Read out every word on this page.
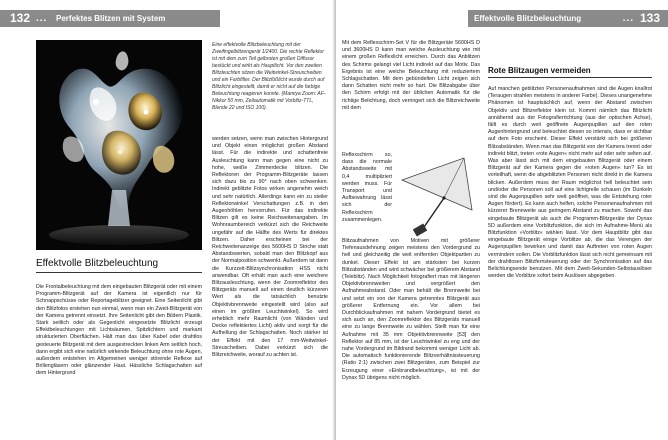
132 ... Perfektes Blitzen mit System
Eine effektvolle Blitzbeleuchtung mit der Zweifingelblitzengerät 1/2400. Die rechte Reflektor ist mit dem zum Teil gelbroten großen Diffusor bestückt und wirkt als Hauptlicht. Vor den zweiten Blitzleuchten sitzen die Weitwinkel-Streuscheiben und ein Farbfilter. Der Blitzfüßlicht wurde durch auf Blitzlicht eingestellt, damit er nicht auf die farbige Beleuchtung reagieren konnte. (Mamiya Zoom: AF-Nikkor 50 mm, Zeitautomatik mit Vorblitz-TTL, Blende 22 und ISO 100).
werden setzen, wenn man zwischen Hintergrund und Objekt einen möglichst großen Abstand lässt. Für die indirekte und schattenfreie Ausleuchtung kann man gegen eine nicht zu hohe, weiße Zimmerdecke blitzen. Die Reflektoren der Programm-Blitzgeräte lassen sich dazu bis zu 90° nach oben schwenken. Indirekt geblitzte Fotos wirken angenehm weich und sehr natürlich. Allerdings kann ein zu steiler Reflektorwinkel Verschattungen z.B. in den Augenhöhlen hervorrufen. Für das indirekte Blitzen gilt es keine Reichweitenangaben. Im Wohnraumbereich verkürzt sich die Reichweite ungefähr auf die Hälfte des Werts für direktes Blitzen. Daher erscheinen bei der Reichweitenanzeige des 5600HS D Striche statt Abstandswerten, sobald man den Blitzkopf aus der Normalposition schwenkt. Außerdem ist dann die Kurzzeit-Blitzsynchronisation HSS nicht anwendbar. Oft erhält man auch eine weichere Blitzausleuchtung, wenn der Zoomreflektor des Blitzgeräts manuell auf einen deutlich kürzeren Wert als die tatsächlich benutzte Objektivbrennweite eingestellt wird (also auf einen im größten Leuchtwinkel). So wird erheblich mehr Raumlicht (von Wänden und Decke reflektiertes Licht) aktiv und sorgt für die Aufhellung der Schlagschatten. Noch stärker ist der Effekt mit den 17 mm-Weitwinkel-Streuscheiben. Dabei verkürzt sich die Blitzreichweite, worauf zu achten ist.
Effektvolle Blitzbeleuchtung
Die Frontalbeleuchtung mit dem eingebauten Blitzgerät oder mit einem Programm-Blitzgerät auf der Kamera ist eigentlich nur für Schnappschüsse oder Reportageblitzer geeignet. Eine Seitenlicht gibt den Blitzfotos erstehen nun einmal, wenn man ein Zweit-Blitzgerät von der Kamera getrennt einsetzt. Ihre Seitenlicht gibt den Bildern Plastik. Stark seitlich oder als Gegenlicht eingesetzte Blitzlicht erzeugt Effektbeleuchtungen mit Lichtsäumen, Spitzlichtern und markant strukturierten Oberflächen. Hält man das über Kabel oder drahtlos gesteuerte Blitzgerät mit dem ausgestreckten linken Arm seitlich hoch, dann ergibt sich eine natürlich wirkende Beleuchtung ohne rote Augen, außerdem entstehen im Allgemeinen weniger störende Reflexe auf Brillengläsern oder glänzender Haut. Hässliche Schlagschatten auf dem Hintergrund
Effektvolle Blitzbeleuchtung	... 133
Mit dem Reflexschirm-Set V für die Blitzgeräte 5600HS D und 3600HS D kann man weiche Ausleuchtung wie mit einem großen Reflexlicht erreichen. Durch das Anblitzen des Schirms gelangt viel Licht indirekt auf das Motiv. Das Ergebnis ist eine weiche Beleuchtung mit reduziertem Schlagschatten. Mit dem gebündelten Licht zeigen sich dann Schatten nicht mehr so hart. Die Blitzabgabe über den Schirm erfolgt mit der üblichen Automatik für die richtige Belichtung, doch verringert sich die Blitzreichweite mit dem
Reflexschirm so, dass die normale Abstandsweite mit 0,4 multipliziert werden muss. Für Transport und Aufbewahrung lässt sich der Reflexschirm zusammenlegen.
Blitzaufnahmen von Motiven mit größerer Tiefenausdehnung zeigen meistens den Vordergrund zu hell und gleichzeitig die weit entfernten Objektpartien zu dunkel. Dieser Effekt ist am stärksten bei kurzen Blitzabständen und wird schwächer bei größerem Abstand (Teleblitz). Nach Möglichkeit fotografiert man mit längeren Objektivbrennweiten und vergrößert den Aufnahmeabstand. Oder man behält die Brennweite bei und setzt ein von der Kamera getrenntes Blitzgerät aus größerer Entfernung ein. Vor allem bei Durchblickaufnahmen mit nahem Vordergrund bietet es sich auch an, den Zoomreflektor des Blitzgeräts manuell eine zu lange Brennweite zu wählen. Stellt man für eine Aufnahme mit 35 mm Objektivbrennweite [53] den Reflektor auf 85 mm, ist der Leuchtwinkel zu eng und der nahe Vordergrund im Bildrand bekommt weniger Licht ab. Die automatisch funktionierende Blitzverhältnissteuerung (Ratio 2:1) zwischen zwei Blitzgeräten, zum Beispiel zur Erzeugung einer »Einbrandbeleuchtung«, ist mit der Dynax 5D übrigens nicht möglich.
Rote Blitzaugen vermeiden
Auf manchen geblitzten Personenaufnahmen sind die Augen knallrot (Teraugen strahlen meistens in anderer Farbe). Dieses unangenehme Phänomen ist hauptsächlich auf, wenn der Abstand zwischen Objektiv und Blitzreflektor klein ist. Kommt nämlich das Blitzlicht annähernd aus der Fotografierrichtung (aus der optischen Achse), fällt es durch weit geöffnete Augenpupillen auf den roten Augenhintergrund und beleuchtet diesen so intensiv, dass er sichtbar auf dem Foto erscheint. Dieser Effekt verstärkt sich bei größeren Blitzabständen. Wenn man das Blitzgerät von der Kamera trennt oder indirekt blitzt, treten »rote Augen« nicht mehr auf oder sehr selten auf. Was aber lässt sich mit dem eingebauten Blitzgerät oder einem Blitzgerät auf der Kamera gegen die »roten Augen« tun? Es ist vorteilhaft, wenn die abgeblitzten Personen nicht direkt in die Kamera blicken. Außerdem muss der Raum möglichst hell beleuchtet sein und/oder die Personen soll auf eine lichtgrelle schauen (im Dunkeln sind die Augenpupillen sehr weit geöffnet, was die Entstehung roter Augen fördert). Es kann auch helfen, solche Personenaufnahmen mit kürzerer Brennweite aus geringem Abstand zu machen. Sowohl das eingebaute Blitzgerät als auch die Programm-Blitzgeräte der Dynax 5D außerdem eine Vorblitzfunktion, die sich im Aufnahme-Menü als Blitzfunktion »Vorblitz« wählen lässt. Vor dem Hauptblitz gibt das eingebaute Blitzgerät einige Vorblitze ab, die das Verengen der Augenpupillen bewirken und damit das Auftreten von roten Augen vermindern sollen. Die Vorblitzfunktion lässt sich nicht gemeinsam mit der drahtlosen Blitzfernsteuerung oder der Synchronisation auf das Belichtungsende benutzen. Mit dem Zweit-Sekunden-Selbstauslöser werden die Vorblitze sofort beim Auslösen abgegeben.
